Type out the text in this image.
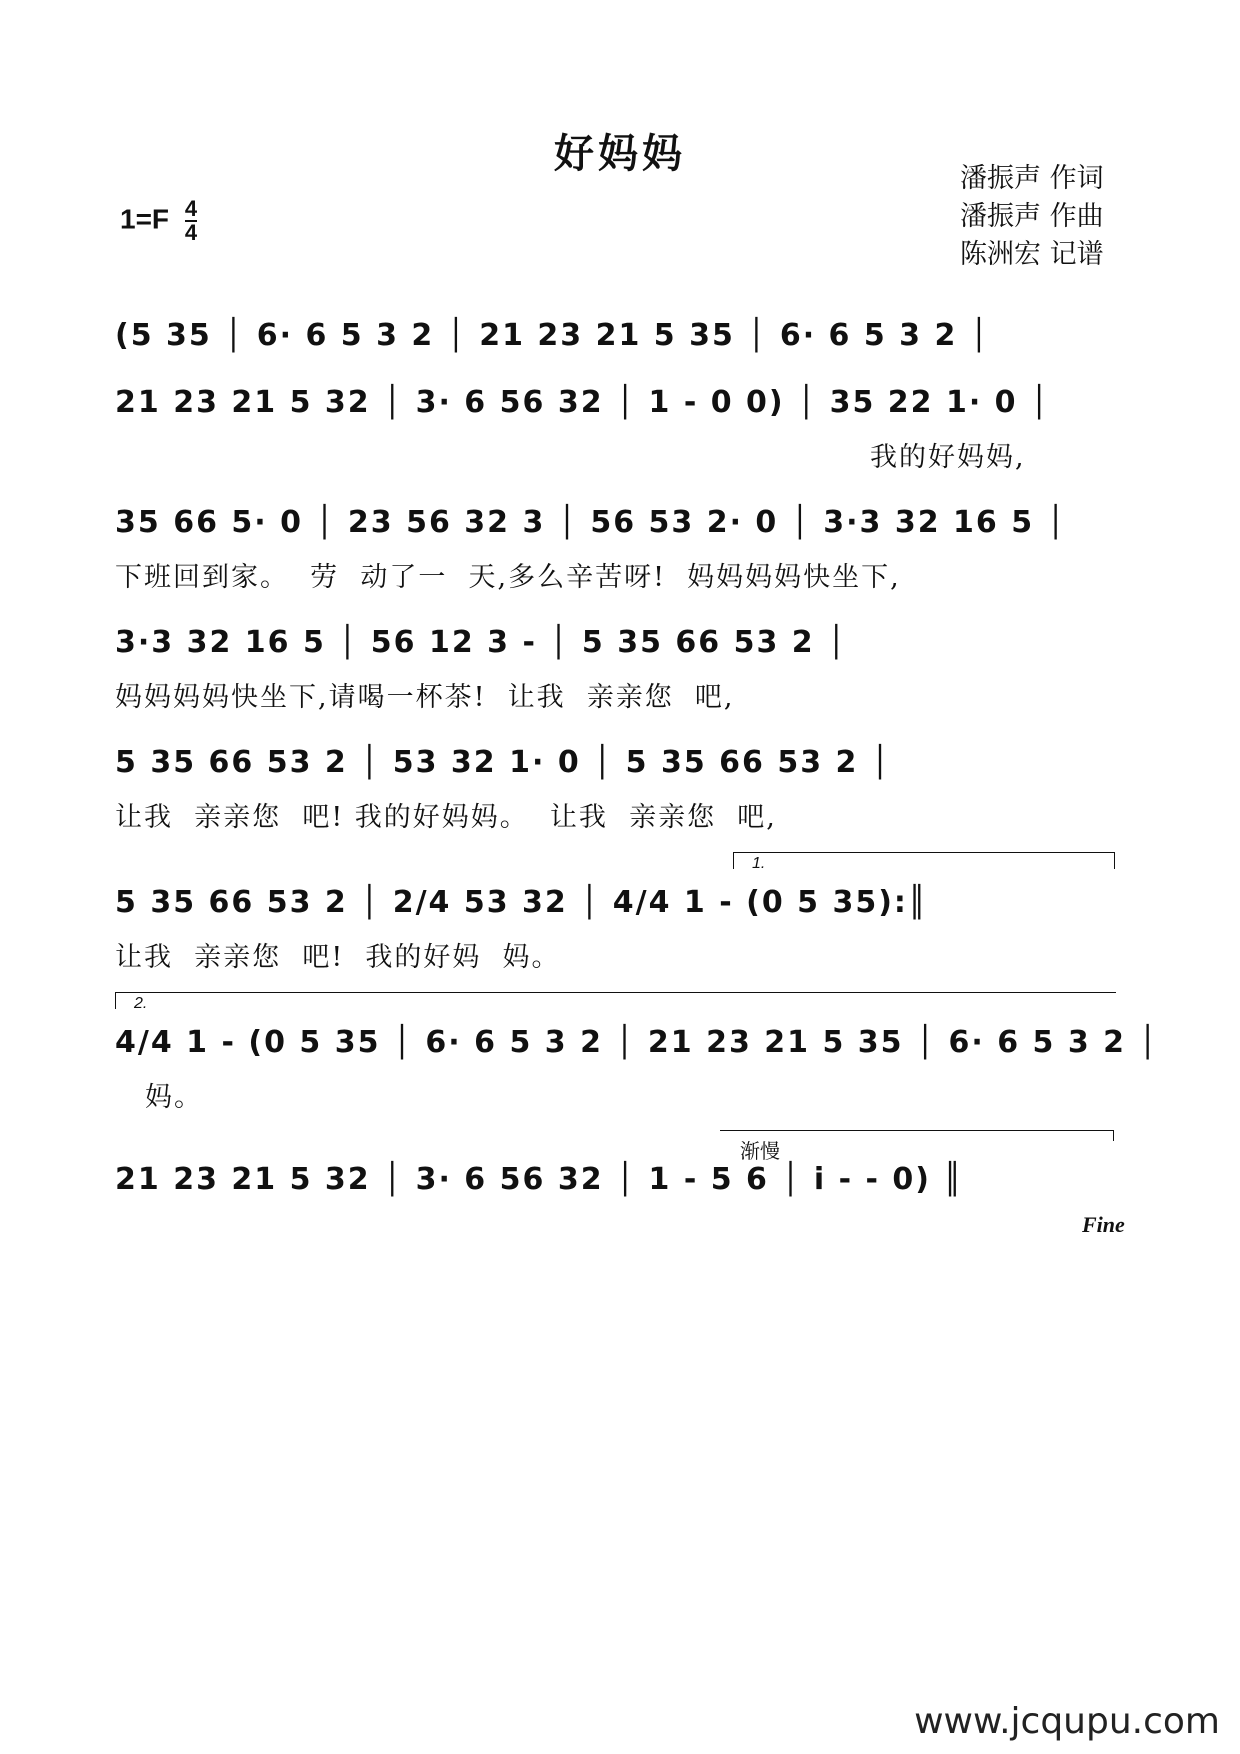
好妈妈
$1=F \frac{4}{4}$
潘振声 作词
潘振声 作曲
陈洲宏 记谱
(5 35 │ 6· 6 5 3 2 │ 21 23 21 5 35 │ 6· 6 5 3 2 │
21 23 21 5 32 │ 3· 6 56 32 │ 1 - 0 0) │ 35 22 1· 0 │
我的好妈妈,
35 66 5· 0 │ 23 56 32 3 │ 56 53 2· 0 │ 3·3 32 16 5 │
下班回到家。  劳  动了一  天,多么辛苦呀!  妈妈妈妈快坐下,
3·3 32 16 5 │ 56 12 3 - │ 5 35 66 53 2 │
妈妈妈妈快坐下,请喝一杯茶!  让我  亲亲您  吧,
5 35 66 53 2 │ 53 32 1· 0 │ 5 35 66 53 2 │
让我  亲亲您  吧! 我的好妈妈。  让我  亲亲您  吧,
1.
5 35 66 53 2 │ 2/4 53 32 │ 4/4 1 - (0 5 35):║
让我  亲亲您  吧!  我的好妈  妈。
2.
4/4 1 - (0 5 35 │ 6· 6 5 3 2 │ 21 23 21 5 35 │ 6· 6 5 3 2 │
妈。
渐慢
21 23 21 5 32 │ 3· 6 56 32 │ 1 - 5 6 │ i - - 0) ║
Fine
www.jcqupu.com
